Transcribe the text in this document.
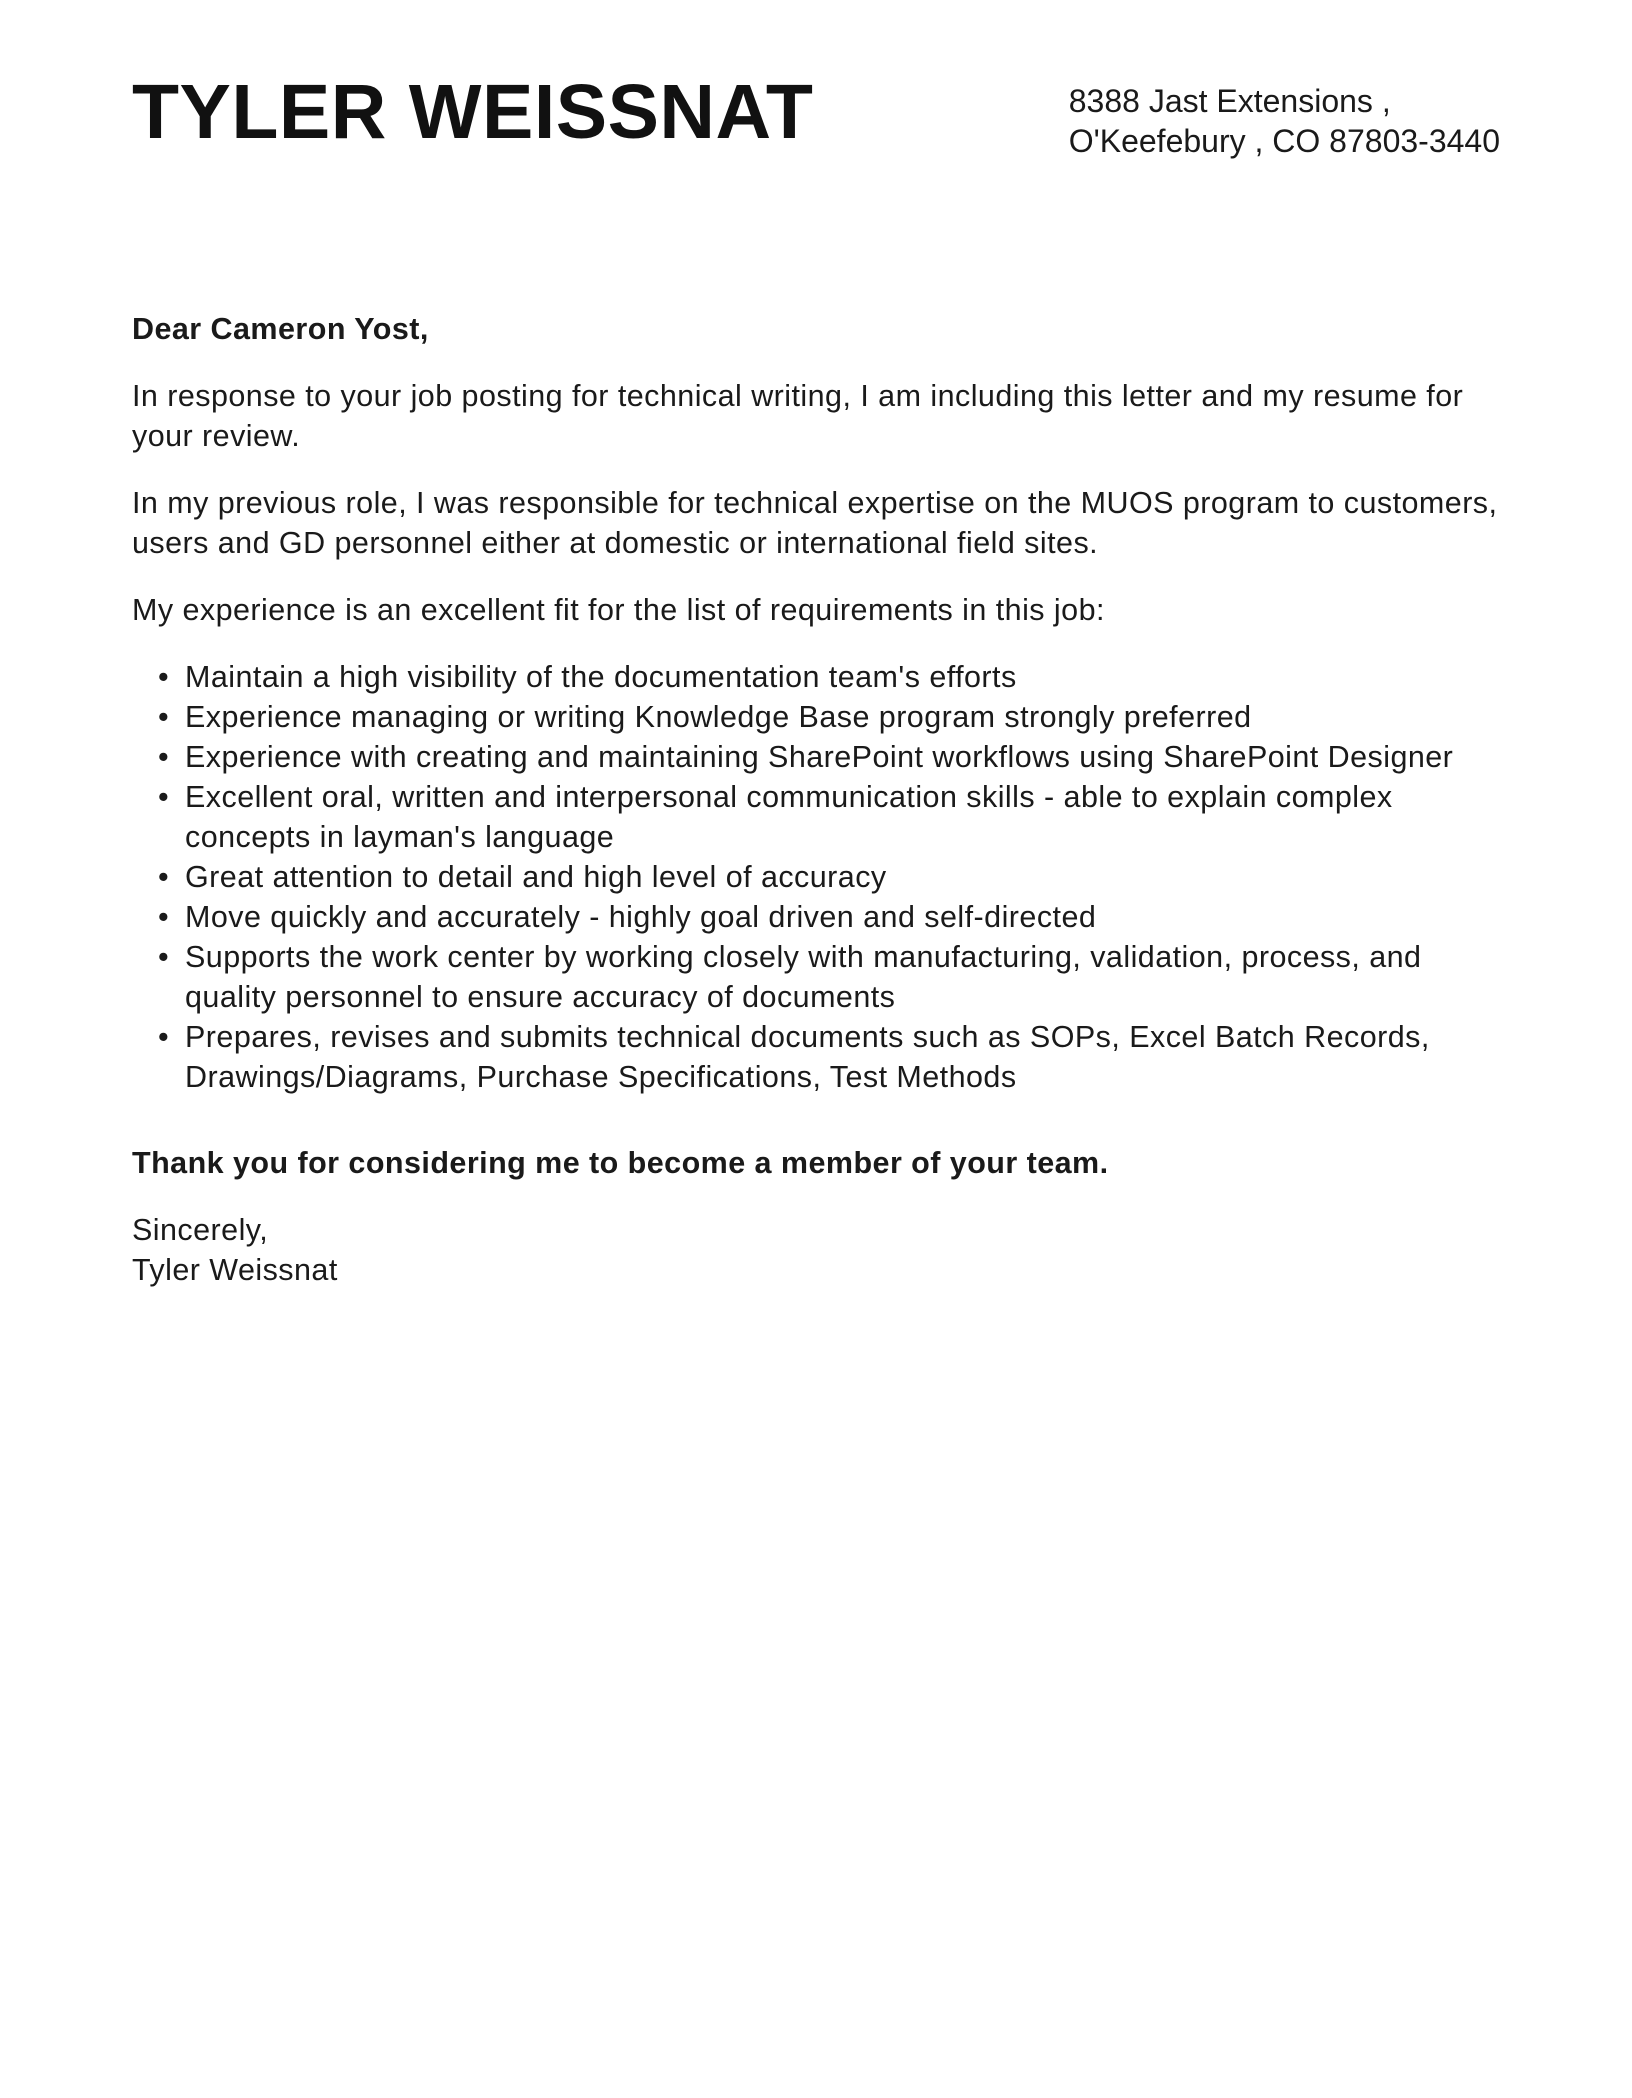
TYLER WEISSNAT	8388 Jast Extensions ,
O'Keefebury , CO 87803-3440

Dear Cameron Yost,

In response to your job posting for technical writing, I am including this letter and my resume for your review.

In my previous role, I was responsible for technical expertise on the MUOS program to customers, users and GD personnel either at domestic or international field sites.

My experience is an excellent fit for the list of requirements in this job:

• Maintain a high visibility of the documentation team's efforts
• Experience managing or writing Knowledge Base program strongly preferred
• Experience with creating and maintaining SharePoint workflows using SharePoint Designer
• Excellent oral, written and interpersonal communication skills - able to explain complex concepts in layman's language
• Great attention to detail and high level of accuracy
• Move quickly and accurately - highly goal driven and self-directed
• Supports the work center by working closely with manufacturing, validation, process, and quality personnel to ensure accuracy of documents
• Prepares, revises and submits technical documents such as SOPs, Excel Batch Records, Drawings/Diagrams, Purchase Specifications, Test Methods

Thank you for considering me to become a member of your team.

Sincerely,
Tyler Weissnat
